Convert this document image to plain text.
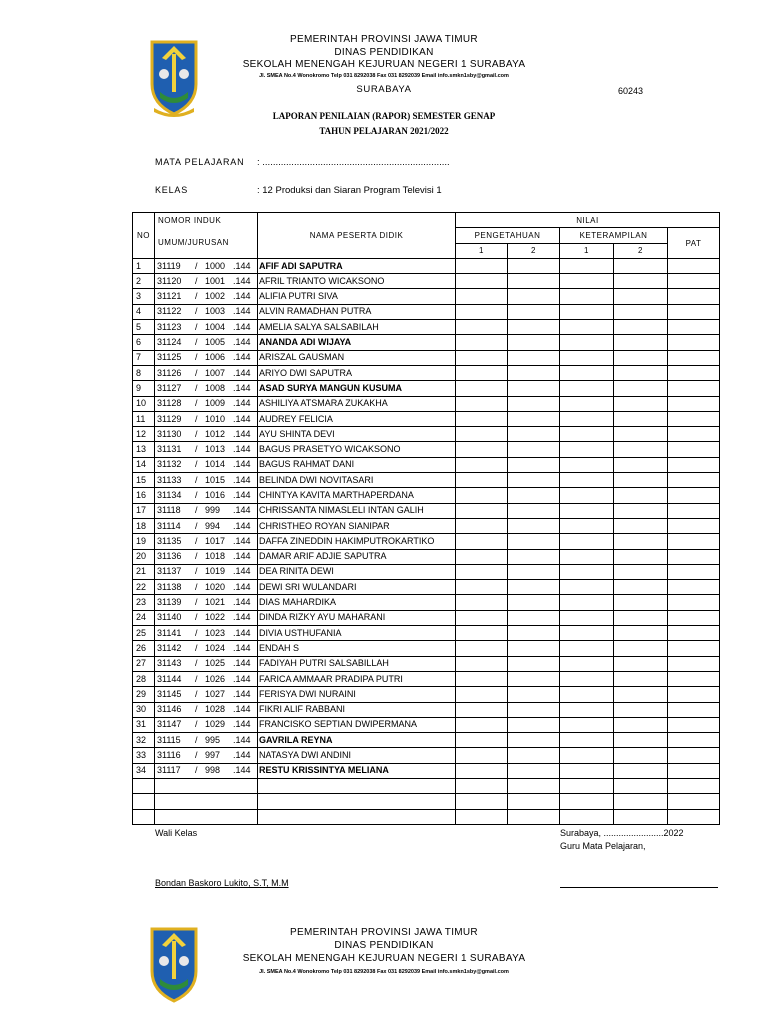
PEMERINTAH PROVINSI JAWA TIMUR
DINAS PENDIDIKAN
SEKOLAH MENENGAH KEJURUAN NEGERI 1 SURABAYA
Jl. SMEA No.4 Wonokromo Telp 031 8292038 Fax 031 8292039 Email info.smkn1sby@gmail.com
SURABAYA	60243
LAPORAN PENILAIAN (RAPOR) SEMESTER GENAP
TAHUN PELAJARAN 2021/2022
MATA PELAJARAN : .......................................................................
KELAS	: 12 Produksi dan Siaran Program Televisi 1
NO	NOMOR INDUK	NAMA PESERTA DIDIK	NILAI				
	UMUM/JURUSAN		PENGETAHUAN		KETERAMPILAN		PAT
			1	2	1	2	
1	31119 /1000 .144	AFIF ADI SAPUTRA					
2	31120 /1001 .144	AFRIL TRIANTO WICAKSONO					
3	31121 /1002 .144	ALIFIA PUTRI SIVA					
4	31122 /1003 .144	ALVIN RAMADHAN PUTRA					
5	31123 /1004 .144	AMELIA SALYA SALSABILAH					
6	31124 /1005 .144	ANANDA ADI WIJAYA					
7	31125 /1006 .144	ARISZAL GAUSMAN					
8	31126 /1007 .144	ARIYO DWI SAPUTRA					
9	31127 /1008 .144	ASAD SURYA MANGUN KUSUMA					
10	31128 /1009 .144	ASHILIYA ATSMARA ZUKAKHA					
11	31129 /1010 .144	AUDREY FELICIA					
12	31130 /1012 .144	AYU SHINTA DEVI					
13	31131 /1013 .144	BAGUS PRASETYO WICAKSONO					
14	31132 /1014 .144	BAGUS RAHMAT DANI					
15	31133 /1015 .144	BELINDA DWI NOVITASARI					
16	31134 /1016 .144	CHINTYA KAVITA MARTHAPERDANA					
17	31118 /999 .144	CHRISSANTA NIMASLELI INTAN GALIH					
18	31114 /994 .144	CHRISTHEO ROYAN SIANIPAR					
19	31135 /1017 .144	DAFFA ZINEDDIN HAKIMPUTROKARTIKO					
20	31136 /1018 .144	DAMAR ARIF ADJIE SAPUTRA					
21	31137 /1019 .144	DEA RINITA DEWI					
22	31138 /1020 .144	DEWI SRI WULANDARI					
23	31139 /1021 .144	DIAS MAHARDIKA					
24	31140 /1022 .144	DINDA RIZKY AYU MAHARANI					
25	31141 /1023 .144	DIVIA USTHUFANIA					
26	31142 /1024 .144	ENDAH S					
27	31143 /1025 .144	FADIYAH PUTRI SALSABILLAH					
28	31144 /1026 .144	FARICA AMMAAR PRADIPA PUTRI					
29	31145 /1027 .144	FERISYA DWI NURAINI					
30	31146 /1028 .144	FIKRI ALIF RABBANI					
31	31147 /1029 .144	FRANCISKO SEPTIAN DWIPERMANA					
32	31115 /995 .144	GAVRILA REYNA					
33	31116 /997 .144	NATASYA DWI ANDINI					
34	31117 /998 .144	RESTU KRISSINTYA MELIANA					

Wali Kelas
Bondan Baskoro Lukito, S.T, M.M
Surabaya, ........................2022
Guru Mata Pelajaran,
PEMERINTAH PROVINSI JAWA TIMUR
DINAS PENDIDIKAN
SEKOLAH MENENGAH KEJURUAN NEGERI 1 SURABAYA
Jl. SMEA No.4 Wonokromo Telp 031 8292038 Fax 031 8292039 Email info.smkn1sby@gmail.com
